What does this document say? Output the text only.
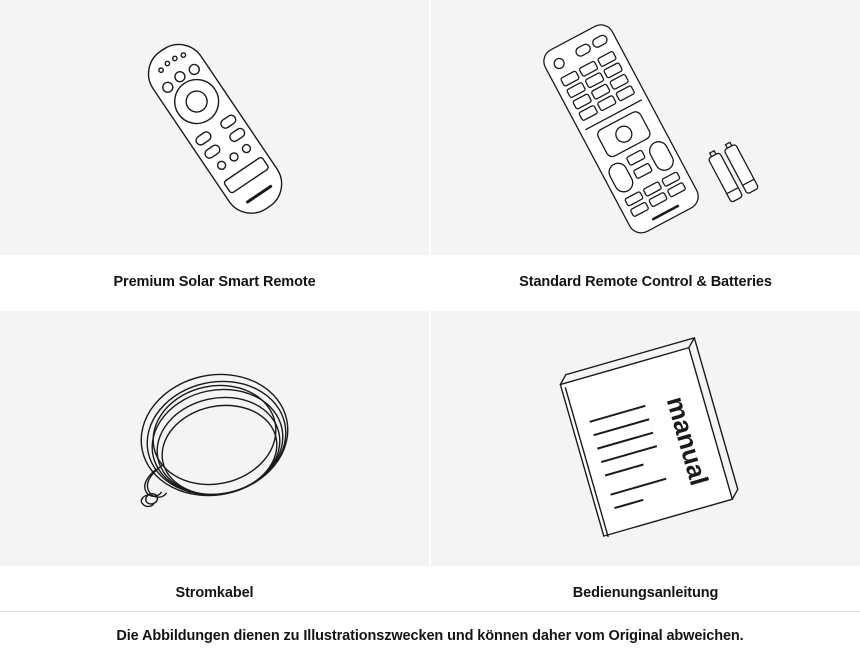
Premium Solar Smart Remote	Standard Remote Control & Batteries
Stromkabel
manual
Bedienungsanleitung
Die Abbildungen dienen zu Illustrationszwecken und können daher vom Original abweichen.
